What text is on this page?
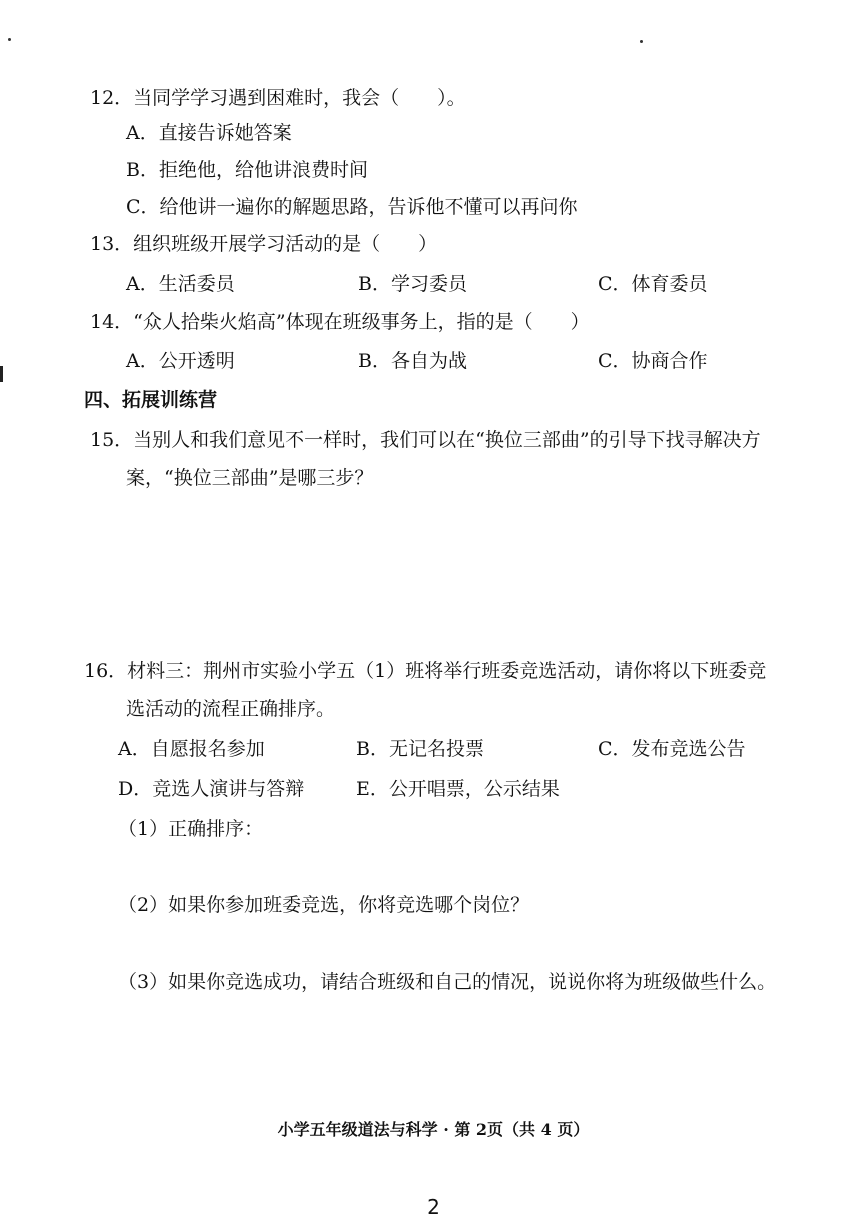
12．当同学学习遇到困难时，我会（　　）。
A．直接告诉她答案
B．拒绝他，给他讲浪费时间
C．给他讲一遍你的解题思路，告诉他不懂可以再问你
13．组织班级开展学习活动的是（　　）
A．生活委员	B．学习委员	C．体育委员
14．“众人拾柴火焰高”体现在班级事务上，指的是（　　）
A．公开透明	B．各自为战	C．协商合作
四、拓展训练营
15．当别人和我们意见不一样时，我们可以在“换位三部曲”的引导下找寻解决方
案，“换位三部曲”是哪三步？
16．材料三：荆州市实验小学五（1）班将举行班委竞选活动，请你将以下班委竞
选活动的流程正确排序。
A．自愿报名参加	B．无记名投票	C．发布竞选公告
D．竞选人演讲与答辩	E．公开唱票，公示结果
（1）正确排序：
（2）如果你参加班委竞选，你将竞选哪个岗位？
（3）如果你竞选成功，请结合班级和自己的情况，说说你将为班级做些什么。
小学五年级道法与科学 · 第 2页（共 4 页）
2
